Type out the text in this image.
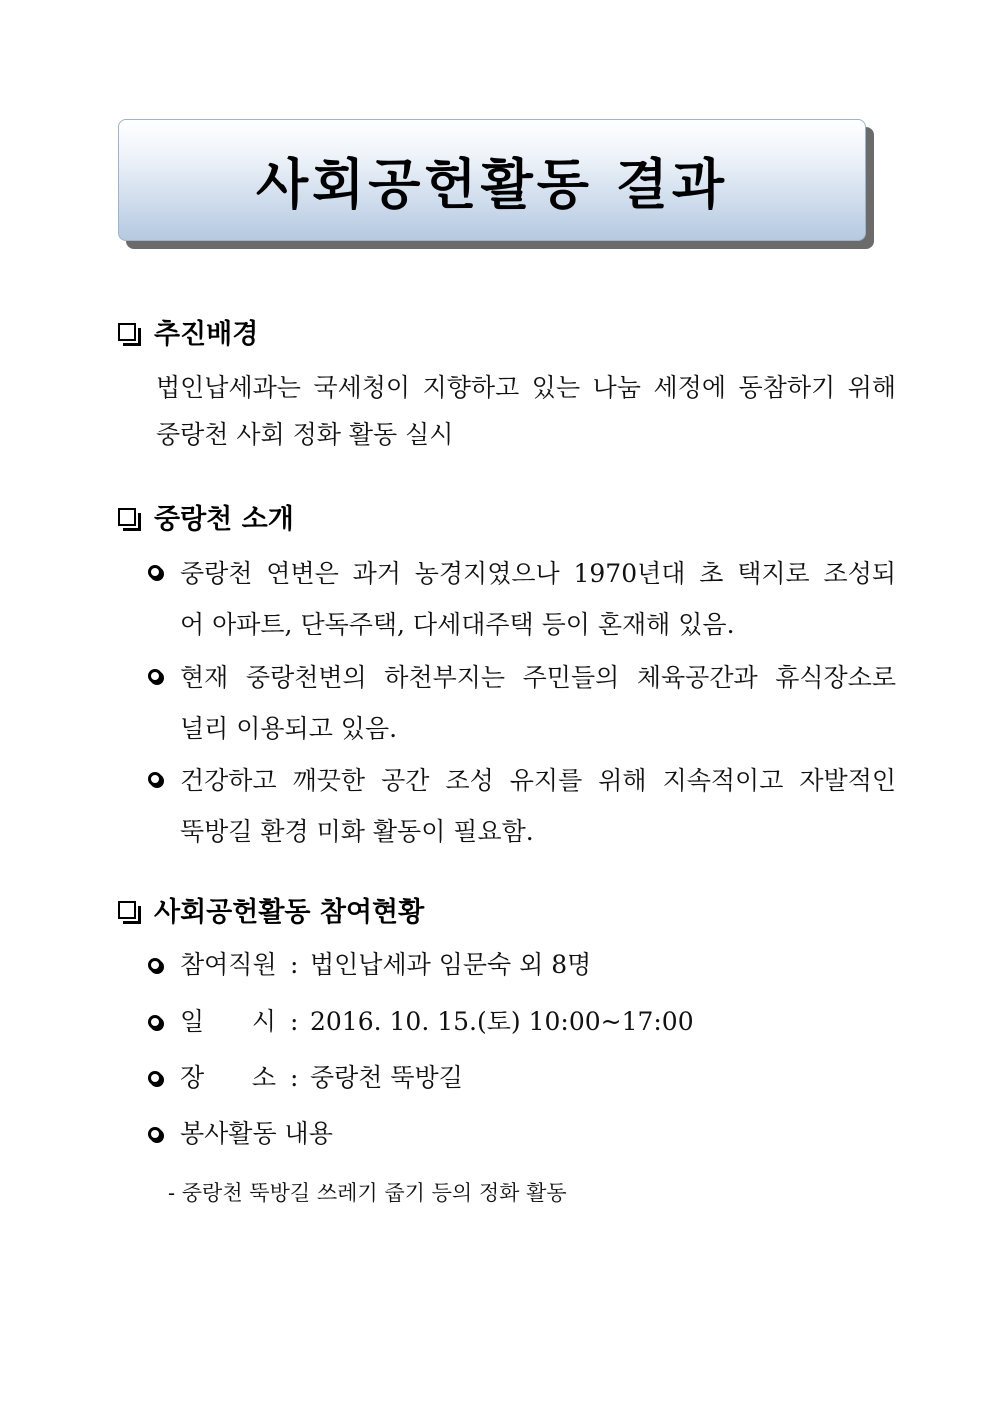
사회공헌활동 결과
추진배경
법인납세과는 국세청이 지향하고 있는 나눔 세정에 동참하기 위해
중랑천 사회 정화 활동 실시
중랑천 소개
중랑천 연변은 과거 농경지였으나 1970년대 초 택지로 조성되
어 아파트, 단독주택, 다세대주택 등이 혼재해 있음.
현재 중랑천변의 하천부지는 주민들의 체육공간과 휴식장소로
널리 이용되고 있음.
건강하고 깨끗한 공간 조성 유지를 위해 지속적이고 자발적인
뚝방길 환경 미화 활동이 필요함.
사회공헌활동 참여현황
참여직원 : 법인납세과 임문숙 외 8명
일      시 : 2016. 10. 15.(토) 10:00~17:00
장      소 : 중랑천 뚝방길
봉사활동 내용
- 중랑천 뚝방길 쓰레기 줍기 등의 정화 활동
